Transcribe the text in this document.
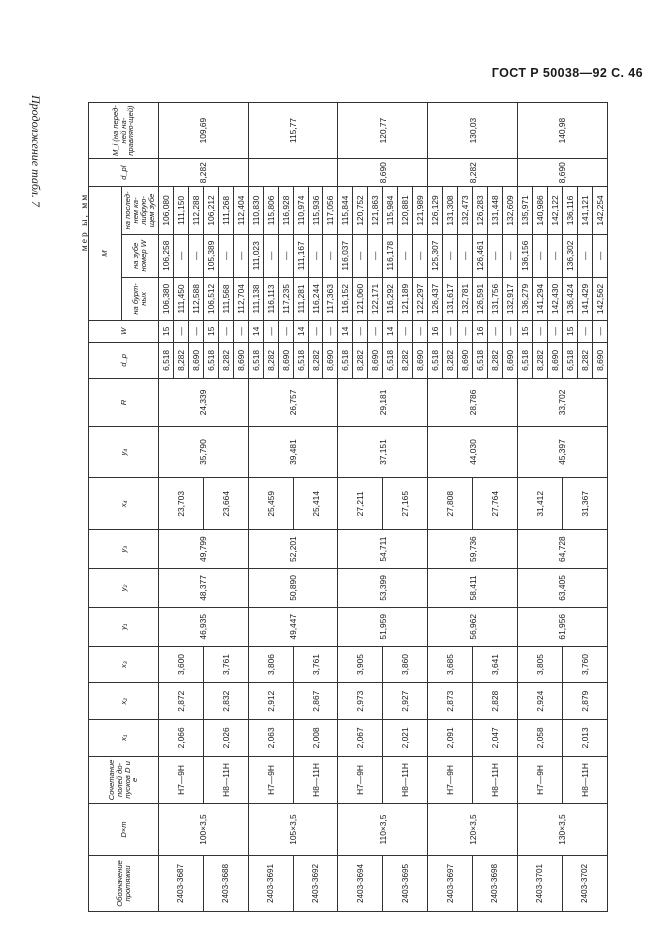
ГОСТ Р 50038—92 С. 46
Продолжение табл. 7
мер ы, мм
Обозначение протяжки	D×m	Сочетание полей до-пусков D и e	x₁	x₂	x₃	y₁	y₂	y₃	x₄	y₄	R	d_p	W	M			d_pl	M_i (на перед-ней на-правляю-щей)
														на бурт-ных	на зубе номер W	на послед-нем ка-либрую-щем зубе		
2403-3687	100×3,5	H7—9H	2,066	2,872	3,600	46,935	48,377	49,799	23,703	35,790	24,339	6,518	15	106,380	106,258	106,080	8,282	109,69
												8,282	—	111,450	—	111,150		
												8,690	—	112,588	—	112,288		
2403-3688		H8—11H	2,026	2,832	3,761				23,664			6,518	15	106,512	105,389	106,212		
												8,282	—	111,568	—	111,268		
												8,690	—	112,704	—	112,404		
2403-3691	105×3,5	H7—9H	2,063	2,912	3,806	49,447	50,890	52,201	25,459	39,481	26,757	6,518	14	111,138	111,023	110,830		115,77
												8,282	—	116,113	—	115,806		
												8,690	—	117,235	—	116,928		
2403-3692		H8—11H	2,008	2,867	3,761				25,414			6,518	14	111,281	111,167	110,974		
												8,282	—	116,244	—	115,936		
												8,690	—	117,363	—	117,056		
2403-3694	110×3,5	H7—9H	2,067	2,973	3,905	51,959	53,399	54,711	27,211	37,151	29,181	6,518	14	116,152	116,037	115,844	8,690	120,77
												8,282	—	121,060	—	120,752		
												8,690	—	122,171	—	121,863		
2403-3695		H8—11H	2,021	2,927	3,860				27,165			6,518	14	116,292	116,178	115,984		
												8,282	—	121,189	—	120,881		
												8,690	—	122,297	—	121,989		
2403-3697	120×3,5	H7—9H	2,091	2,873	3,685	56,962	58,411	59,736	27,808	44,030	28,786	6,518	16	126,437	125,307	126,129	8,282	130,03
												8,282	—	131,617	—	131,308		
												8,690	—	132,781	—	132,473		
2403-3698		H8—11H	2,047	2,828	3,641				27,764			6,518	16	126,591	126,461	126,283		
												8,282	—	131,756	—	131,448		
												8,690	—	132,917	—	132,609		
2403-3701	130×3,5	H7—9H	2,058	2,924	3,805	61,956	63,405	64,728	31,412	45,397	33,702	6,518	15	136,279	136,156	135,971	8,690	140,98
												8,282	—	141,294	—	140,986		
												8,690	—	142,430	—	142,122		
2403-3702		H8—11H	2,013	2,879	3,760				31,367			6,518	15	136,424	136,302	136,116		
												8,282	—	141,429	—	141,121		
												8,690	—	142,562	—	142,254		
